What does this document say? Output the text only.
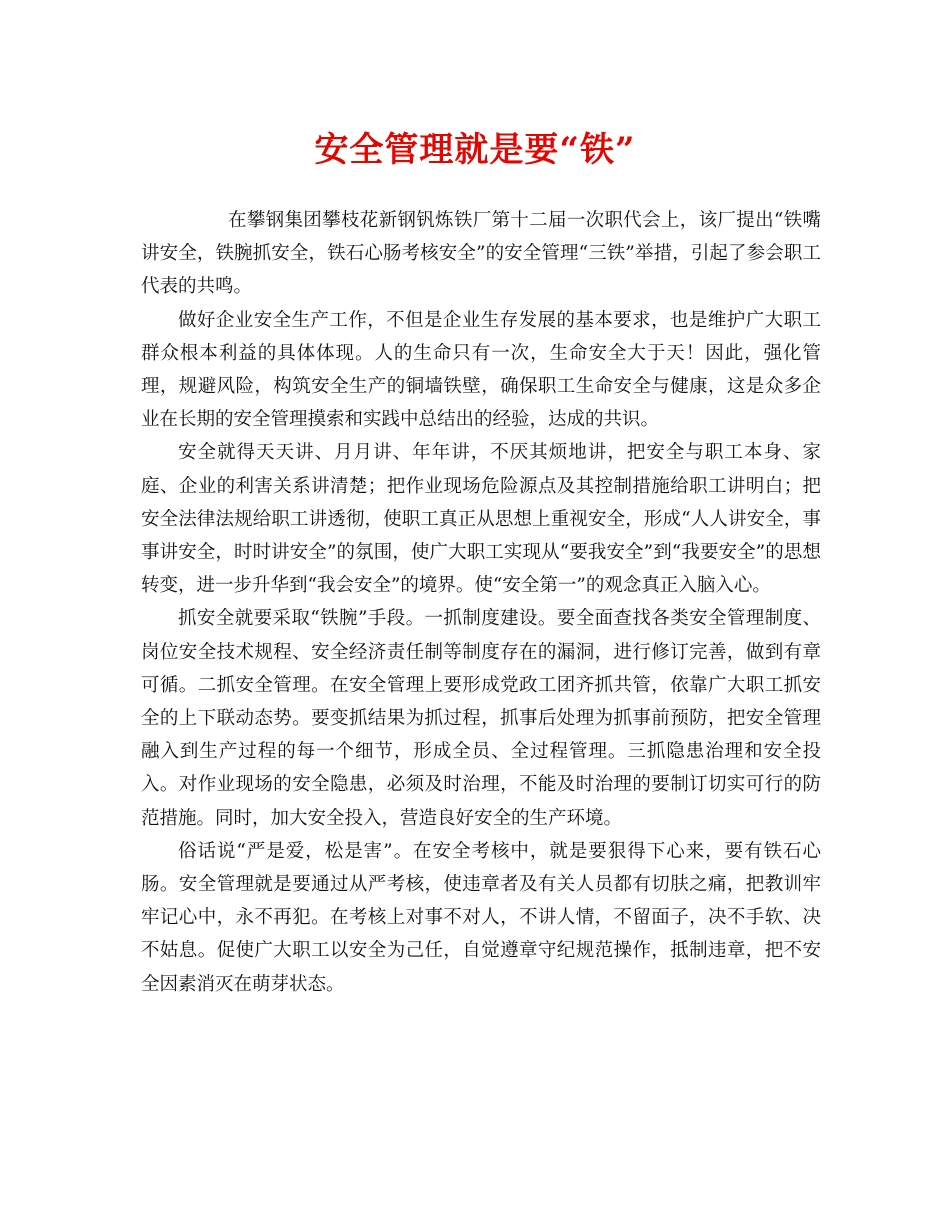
安全管理就是要“铁”

在攀钢集团攀枝花新钢钒炼铁厂第十二届一次职代会上，该厂提出“铁嘴讲安全，铁腕抓安全，铁石心肠考核安全”的安全管理“三铁”举措，引起了参会职工代表的共鸣。

做好企业安全生产工作，不但是企业生存发展的基本要求，也是维护广大职工群众根本利益的具体体现。人的生命只有一次，生命安全大于天！因此，强化管理，规避风险，构筑安全生产的铜墙铁壁，确保职工生命安全与健康，这是众多企业在长期的安全管理摸索和实践中总结出的经验，达成的共识。

安全就得天天讲、月月讲、年年讲，不厌其烦地讲，把安全与职工本身、家庭、企业的利害关系讲清楚；把作业现场危险源点及其控制措施给职工讲明白；把安全法律法规给职工讲透彻，使职工真正从思想上重视安全，形成“人人讲安全，事事讲安全，时时讲安全”的氛围，使广大职工实现从“要我安全”到“我要安全”的思想转变，进一步升华到“我会安全”的境界。使“安全第一”的观念真正入脑入心。

抓安全就要采取“铁腕”手段。一抓制度建设。要全面查找各类安全管理制度、岗位安全技术规程、安全经济责任制等制度存在的漏洞，进行修订完善，做到有章可循。二抓安全管理。在安全管理上要形成党政工团齐抓共管，依靠广大职工抓安全的上下联动态势。要变抓结果为抓过程，抓事后处理为抓事前预防，把安全管理融入到生产过程的每一个细节，形成全员、全过程管理。三抓隐患治理和安全投入。对作业现场的安全隐患，必须及时治理，不能及时治理的要制订切实可行的防范措施。同时，加大安全投入，营造良好安全的生产环境。

俗话说“严是爱，松是害”。在安全考核中，就是要狠得下心来，要有铁石心肠。安全管理就是要通过从严考核，使违章者及有关人员都有切肤之痛，把教训牢牢记心中，永不再犯。在考核上对事不对人，不讲人情，不留面子，决不手软、决不姑息。促使广大职工以安全为己任，自觉遵章守纪规范操作，抵制违章，把不安全因素消灭在萌芽状态。
